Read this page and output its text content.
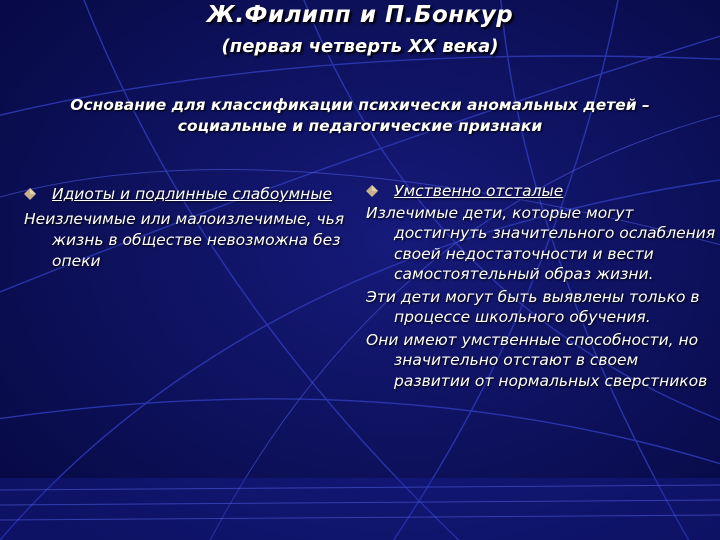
Ж.Филипп и П.Бонкур
(первая четверть XX века)
Основание для классификации психически аномальных детей – социальные и педагогические признаки
Идиоты и подлинные слабоумные
Неизлечимые или малоизлечимые, чья жизнь в обществе невозможна без опеки
Умственно отсталые
Излечимые дети, которые могут достигнуть значительного ослабления своей недостаточности и вести самостоятельный образ жизни.
Эти дети могут быть выявлены только в процессе школьного обучения.
Они имеют умственные способности, но значительно отстают в своем развитии от нормальных сверстников
